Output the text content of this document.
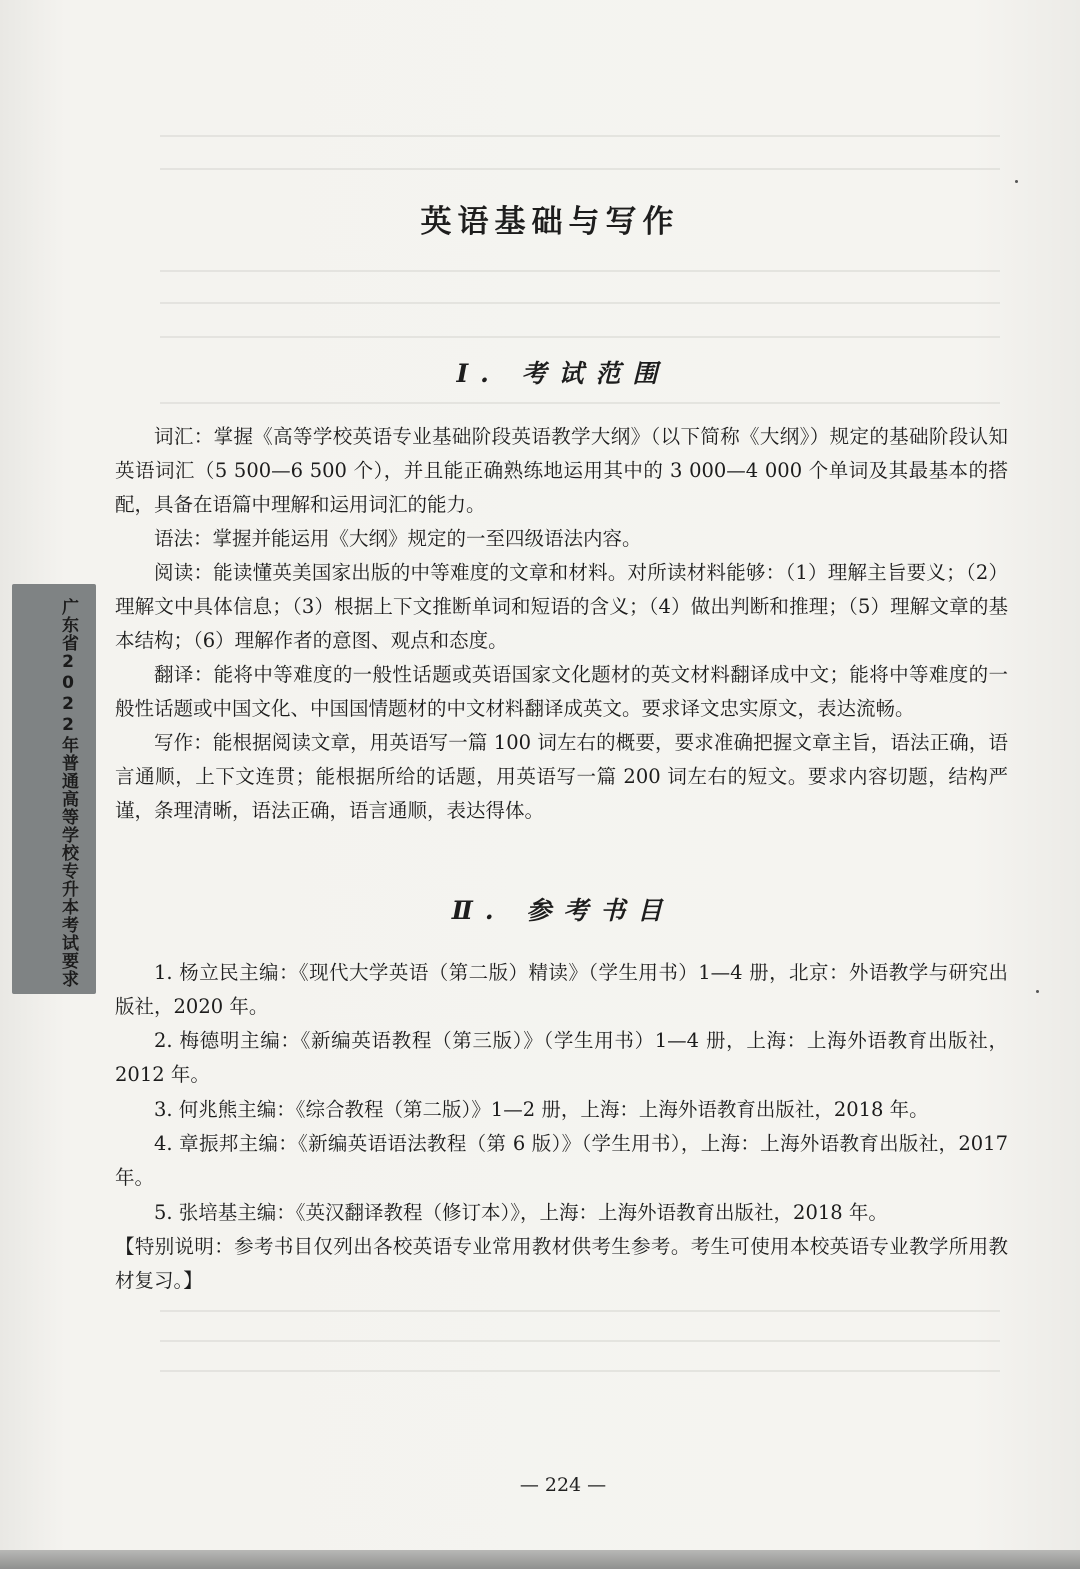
广东省2022年普通高等学校专升本考试要求
英语基础与写作
Ⅰ. 考试范围

词汇：掌握《高等学校英语专业基础阶段英语教学大纲》（以下简称《大纲》）规定的基础阶段认知英语词汇（5 500—6 500 个），并且能正确熟练地运用其中的 3 000—4 000 个单词及其最基本的搭配，具备在语篇中理解和运用词汇的能力。

语法：掌握并能运用《大纲》规定的一至四级语法内容。

阅读：能读懂英美国家出版的中等难度的文章和材料。对所读材料能够：（1）理解主旨要义；（2）理解文中具体信息；（3）根据上下文推断单词和短语的含义；（4）做出判断和推理；（5）理解文章的基本结构；（6）理解作者的意图、观点和态度。

翻译：能将中等难度的一般性话题或英语国家文化题材的英文材料翻译成中文；能将中等难度的一般性话题或中国文化、中国国情题材的中文材料翻译成英文。要求译文忠实原文，表达流畅。

写作：能根据阅读文章，用英语写一篇 100 词左右的概要，要求准确把握文章主旨，语法正确，语言通顺，上下文连贯；能根据所给的话题，用英语写一篇 200 词左右的短文。要求内容切题，结构严谨，条理清晰，语法正确，语言通顺，表达得体。

Ⅱ. 参考书目

1. 杨立民主编：《现代大学英语（第二版）精读》（学生用书）1—4 册，北京：外语教学与研究出版社，2020 年。

2. 梅德明主编：《新编英语教程（第三版）》（学生用书）1—4 册，上海：上海外语教育出版社，2012 年。

3. 何兆熊主编：《综合教程（第二版）》1—2 册，上海：上海外语教育出版社，2018 年。

4. 章振邦主编：《新编英语语法教程（第 6 版）》（学生用书），上海：上海外语教育出版社，2017 年。

5. 张培基主编：《英汉翻译教程（修订本）》，上海：上海外语教育出版社，2018 年。

【特别说明：参考书目仅列出各校英语专业常用教材供考生参考。考生可使用本校英语专业教学所用教材复习。】

— 224 —
